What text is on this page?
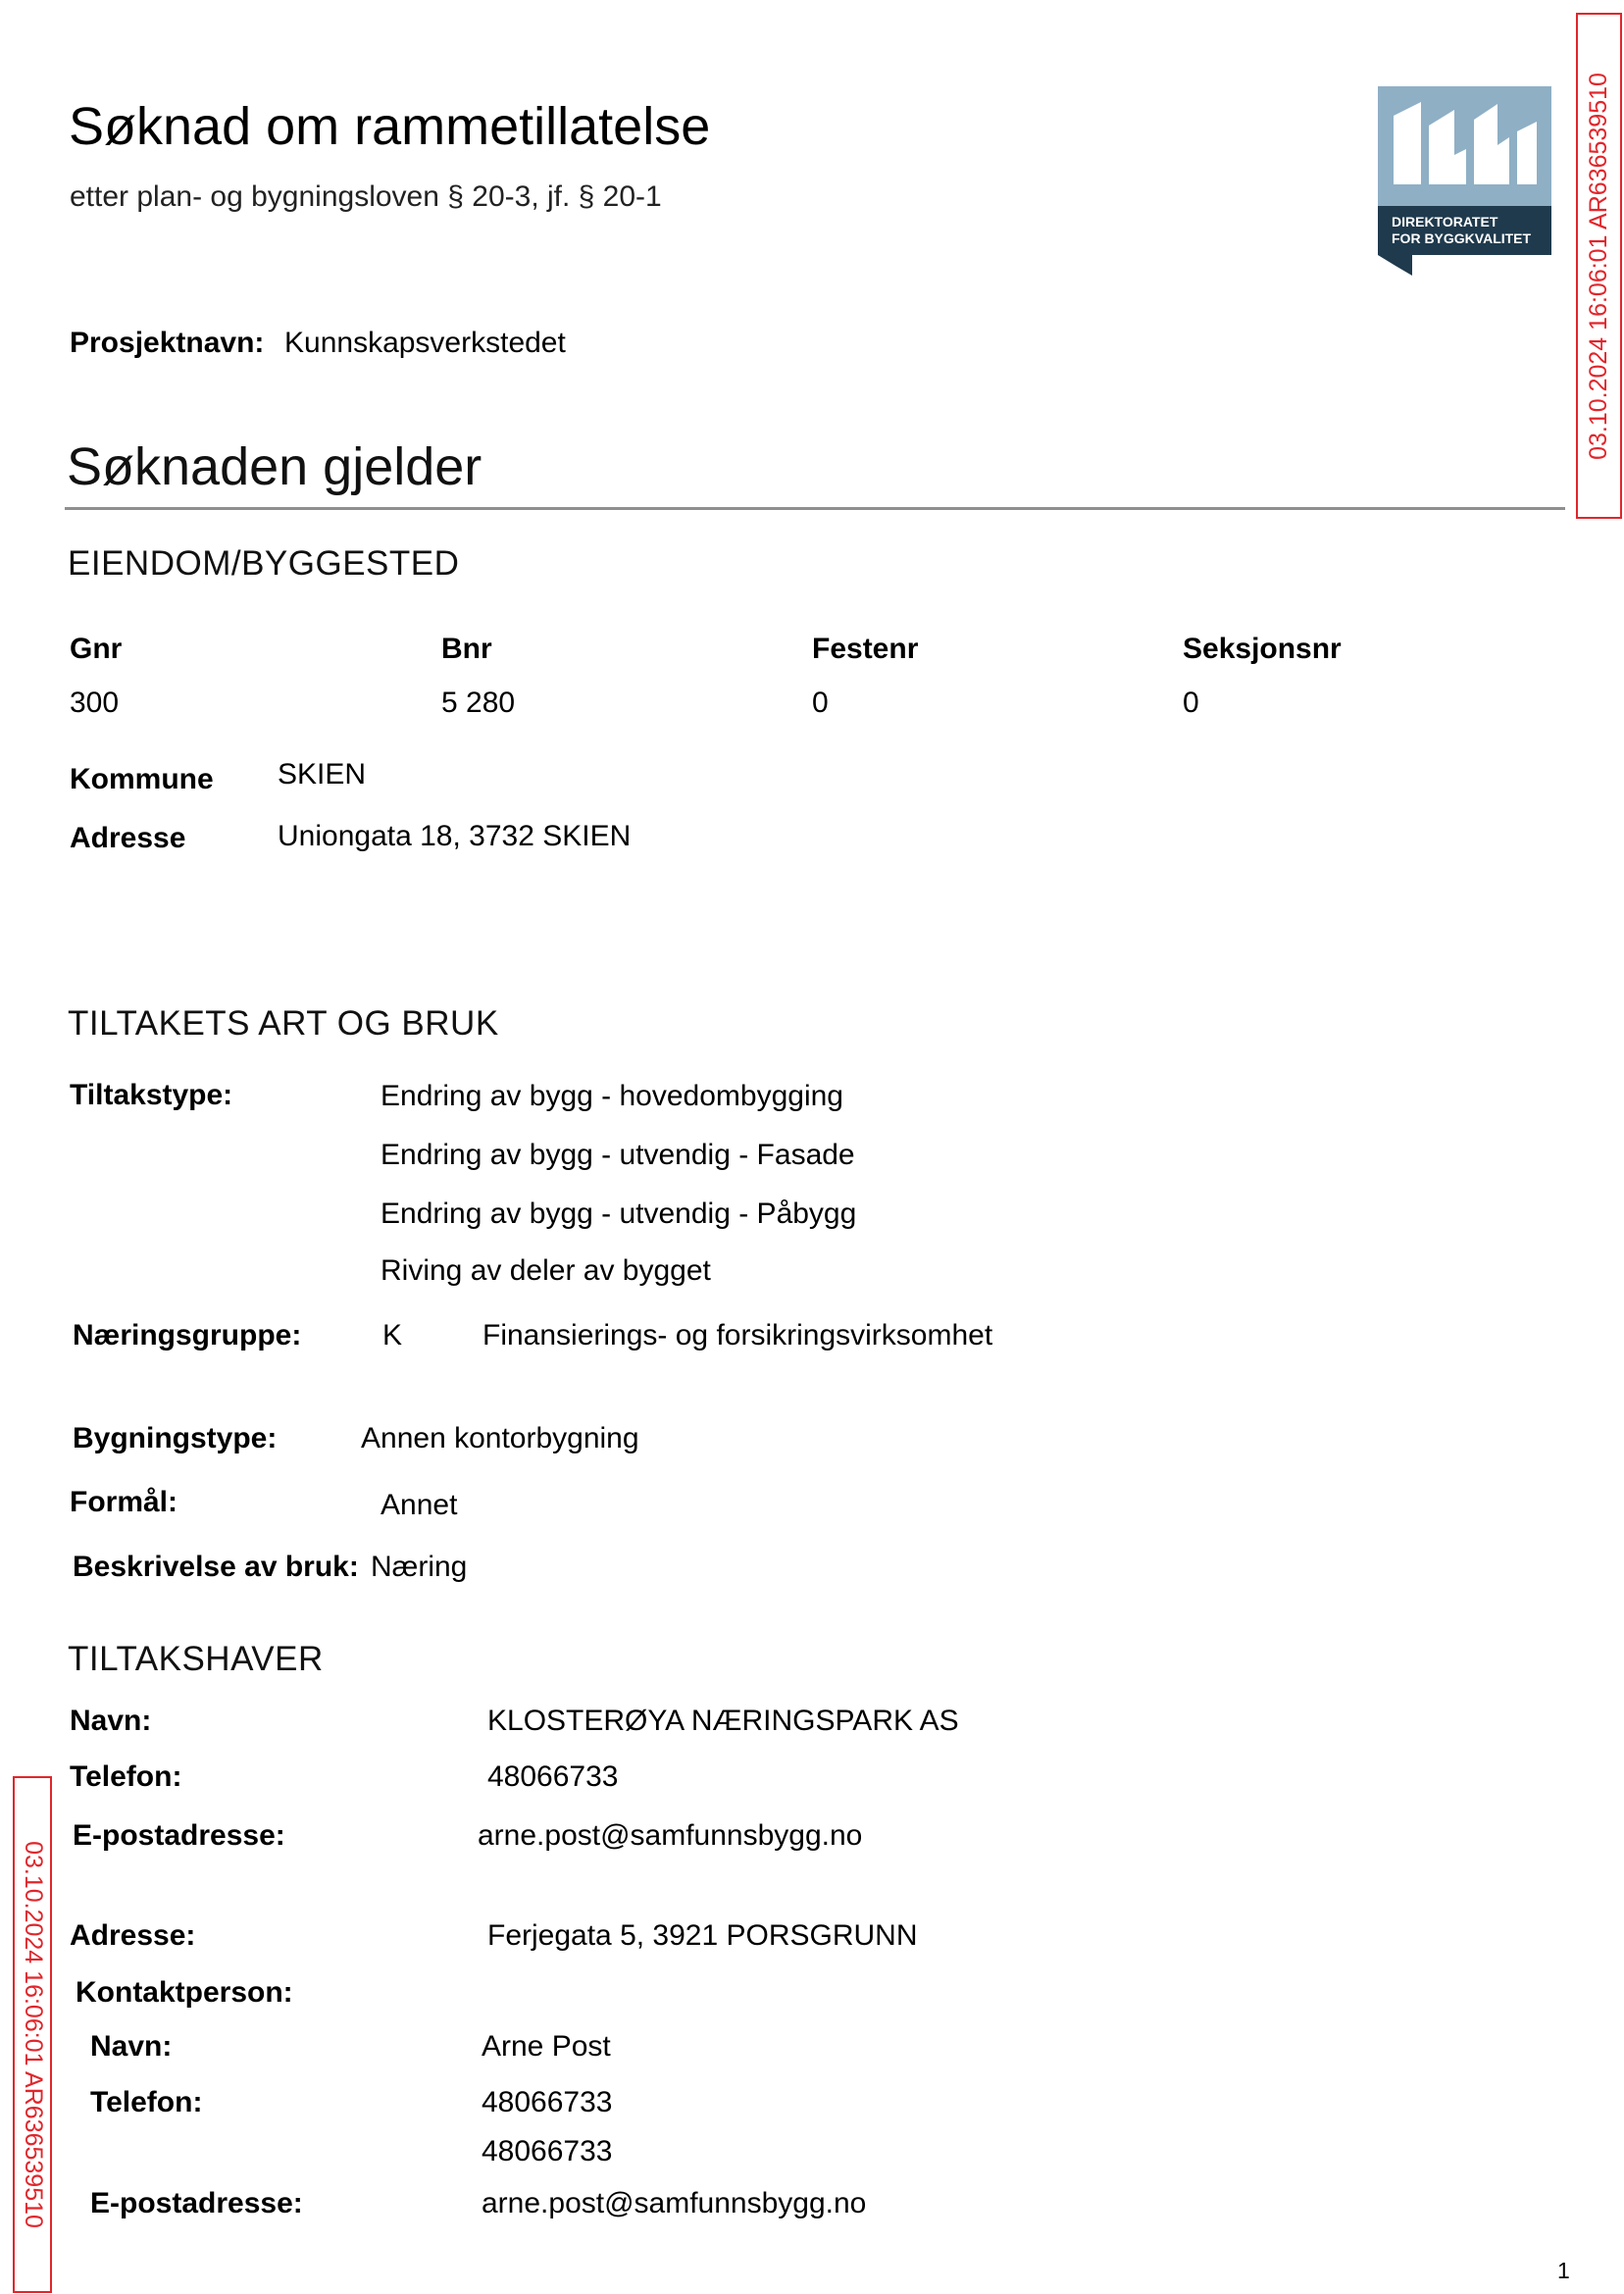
Søknad om rammetillatelse
etter plan- og bygningsloven § 20-3, jf. § 20-1
Prosjektnavn: Kunnskapsverkstedet
DIREKTORATET
FOR BYGGKVALITET 03.10.2024 16:06:01 AR636539510
03.10.2024 16:06:01 AR636539510
Søknaden gjelder
EIENDOM/BYGGESTED
Gnr	Bnr	Festenr	Seksjonsnr
300	5 280	0	0
Kommune SKIEN
Adresse	Uniongata 18, 3732 SKIEN
TILTAKETS ART OG BRUK
Tiltakstype:	Endring av bygg - hovedombygging
Endring av bygg - utvendig - Fasade
Endring av bygg - utvendig - Påbygg
Riving av deler av bygget
Næringsgruppe:	K	Finansierings- og forsikringsvirksomhet
Bygningstype:	Annen kontorbygning
Formål:	Annet
Beskrivelse av bruk: Næring
TILTAKSHAVER
Navn:	KLOSTERØYA NÆRINGSPARK AS
Telefon:	48066733
E-postadresse:	arne.post@samfunnsbygg.no
Adresse:	Ferjegata 5, 3921 PORSGRUNN
Kontaktperson:
Navn:	Arne Post
Telefon:	48066733
48066733
E-postadresse:	arne.post@samfunnsbygg.no
1
